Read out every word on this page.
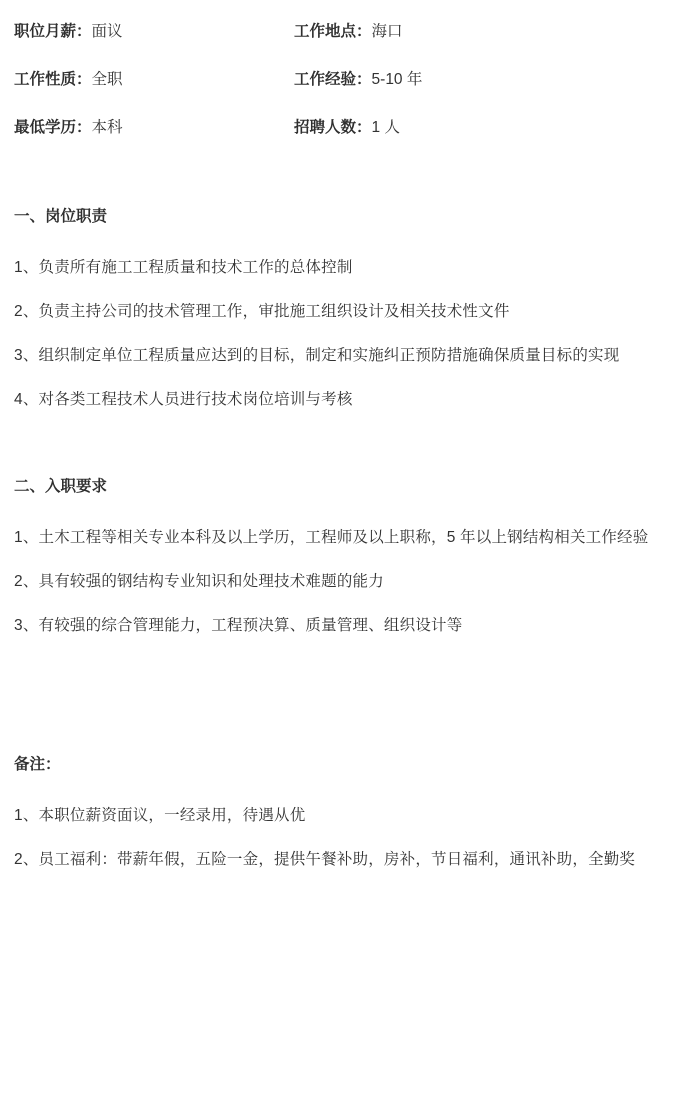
职位月薪：面议	工作地点：海口
工作性质：全职	工作经验：5-10 年
最低学历：本科	招聘人数：1 人
一、岗位职责

1、负责所有施工工程质量和技术工作的总体控制

2、负责主持公司的技术管理工作，审批施工组织设计及相关技术性文件

3、组织制定单位工程质量应达到的目标，制定和实施纠正预防措施确保质量目标的实现

4、对各类工程技术人员进行技术岗位培训与考核

二、入职要求

1、土木工程等相关专业本科及以上学历，工程师及以上职称，5 年以上钢结构相关工作经验

2、具有较强的钢结构专业知识和处理技术难题的能力

3、有较强的综合管理能力，工程预决算、质量管理、组织设计等

备注：

1、本职位薪资面议，一经录用，待遇从优

2、员工福利：带薪年假，五险一金，提供午餐补助，房补，节日福利，通讯补助，全勤奖
